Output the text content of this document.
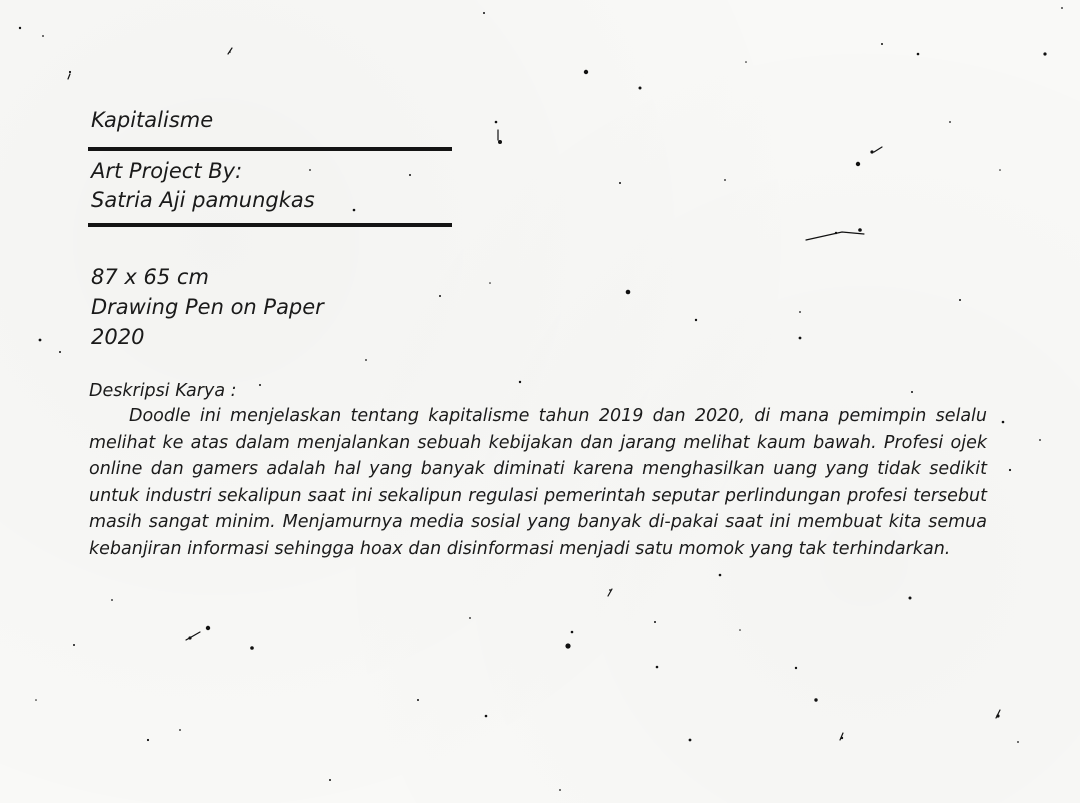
Kapitalisme
Art Project By:
Satria Aji pamungkas
87 x 65 cm
Drawing Pen on Paper
2020
Deskripsi Karya :

Doodle ini menjelaskan tentang kapitalisme tahun 2019 dan 2020, di mana pemimpin selalu melihat ke atas dalam menjalankan sebuah kebijakan dan jarang melihat kaum bawah. Profesi ojek online dan gamers adalah hal yang banyak diminati karena menghasilkan uang yang tidak sedikit untuk industri sekalipun saat ini sekalipun regulasi pemerintah seputar perlindungan profesi tersebut masih sangat minim. Menjamurnya media sosial yang banyak di-pakai saat ini membuat kita semua kebanjiran informasi sehingga hoax dan disinformasi menjadi satu momok yang tak terhindarkan.
